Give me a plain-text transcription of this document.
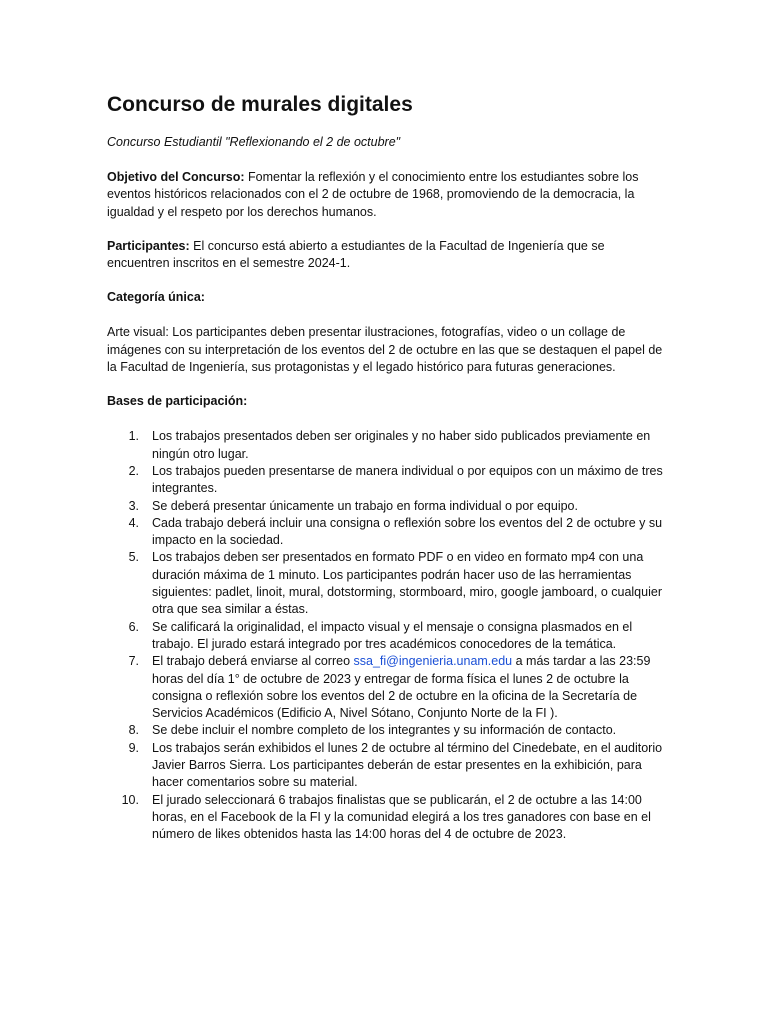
Concurso de murales digitales
Concurso Estudiantil "Reflexionando el 2 de octubre"

Objetivo del Concurso: Fomentar la reflexión y el conocimiento entre los estudiantes sobre los eventos históricos relacionados con el 2 de octubre de 1968, promoviendo de la democracia, la igualdad y el respeto por los derechos humanos.

Participantes: El concurso está abierto a estudiantes de la Facultad de Ingeniería que se encuentren inscritos en el semestre 2024-1.

Categoría única:

Arte visual: Los participantes deben presentar ilustraciones, fotografías, video o un collage de imágenes con su interpretación de los eventos del 2 de octubre en las que se destaquen el papel de la Facultad de Ingeniería, sus protagonistas y el legado histórico para futuras generaciones.

Bases de participación:
1. Los trabajos presentados deben ser originales y no haber sido publicados previamente en ningún otro lugar.
2. Los trabajos pueden presentarse de manera individual o por equipos con un máximo de tres integrantes.
3. Se deberá presentar únicamente un trabajo en forma individual o por equipo.
4. Cada trabajo deberá incluir una consigna o reflexión sobre los eventos del 2 de octubre y su impacto en la sociedad.
5. Los trabajos deben ser presentados en formato PDF o en video en formato mp4 con una duración máxima de 1 minuto. Los participantes podrán hacer uso de las herramientas siguientes: padlet, linoit, mural, dotstorming, stormboard, miro, google jamboard, o cualquier otra que sea similar a éstas.
6. Se calificará la originalidad, el impacto visual y el mensaje o consigna plasmados en el trabajo. El jurado estará integrado por tres académicos conocedores de la temática.
7. El trabajo deberá enviarse al correo ssa_fi@ingenieria.unam.edu a más tardar a las 23:59 horas del día 1° de octubre de 2023 y entregar de forma física el lunes 2 de octubre la consigna o reflexión sobre los eventos del 2 de octubre en la oficina de la Secretaría de Servicios Académicos (Edificio A, Nivel Sótano, Conjunto Norte de la FI ).
8. Se debe incluir el nombre completo de los integrantes y su información de contacto.
9. Los trabajos serán exhibidos el lunes 2 de octubre al término del Cinedebate, en el auditorio Javier Barros Sierra. Los participantes deberán de estar presentes en la exhibición, para hacer comentarios sobre su material.
10. El jurado seleccionará 6 trabajos finalistas que se publicarán, el 2 de octubre a las 14:00 horas, en el Facebook de la FI y la comunidad elegirá a los tres ganadores con base en el número de likes obtenidos hasta las 14:00 horas del 4 de octubre de 2023.
